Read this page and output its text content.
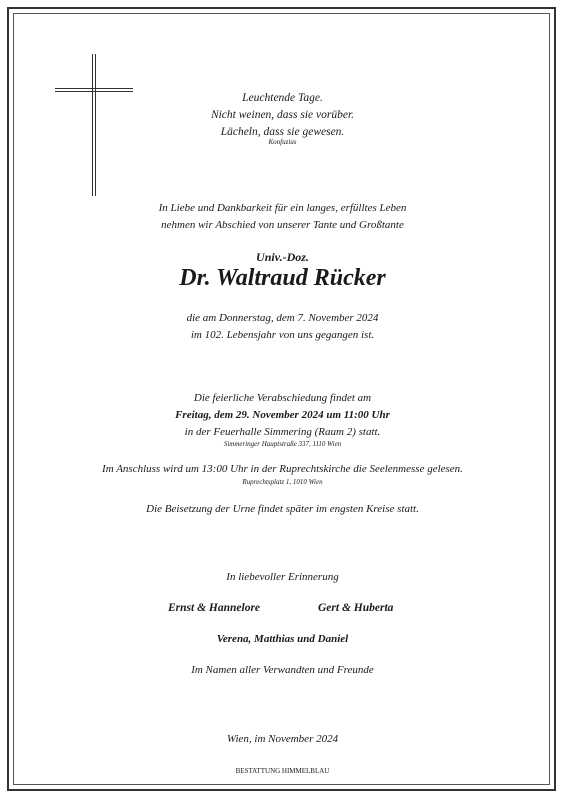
Leuchtende Tage.
Nicht weinen, dass sie vorüber.
Lächeln, dass sie gewesen.
Konfuzius
In Liebe und Dankbarkeit für ein langes, erfülltes Leben
nehmen wir Abschied von unserer Tante und Großtante
Univ.-Doz.
Dr. Waltraud Rücker
die am Donnerstag, dem 7. November 2024
im 102. Lebensjahr von uns gegangen ist.
Die feierliche Verabschiedung findet am
Freitag, dem 29. November 2024 um 11:00 Uhr
in der Feuerhalle Simmering (Raum 2) statt.
Simmeringer Hauptstraße 337, 1110 Wien
Im Anschluss wird um 13:00 Uhr in der Ruprechtskirche die Seelenmesse gelesen.
Ruprechtsplatz 1, 1010 Wien
Die Beisetzung der Urne findet später im engsten Kreise statt.
In liebevoller Erinnerung
Ernst & Hannelore	Gert & Huberta
Verena, Matthias und Daniel
Im Namen aller Verwandten und Freunde
Wien, im November 2024
BESTATTUNG HIMMELBLAU
